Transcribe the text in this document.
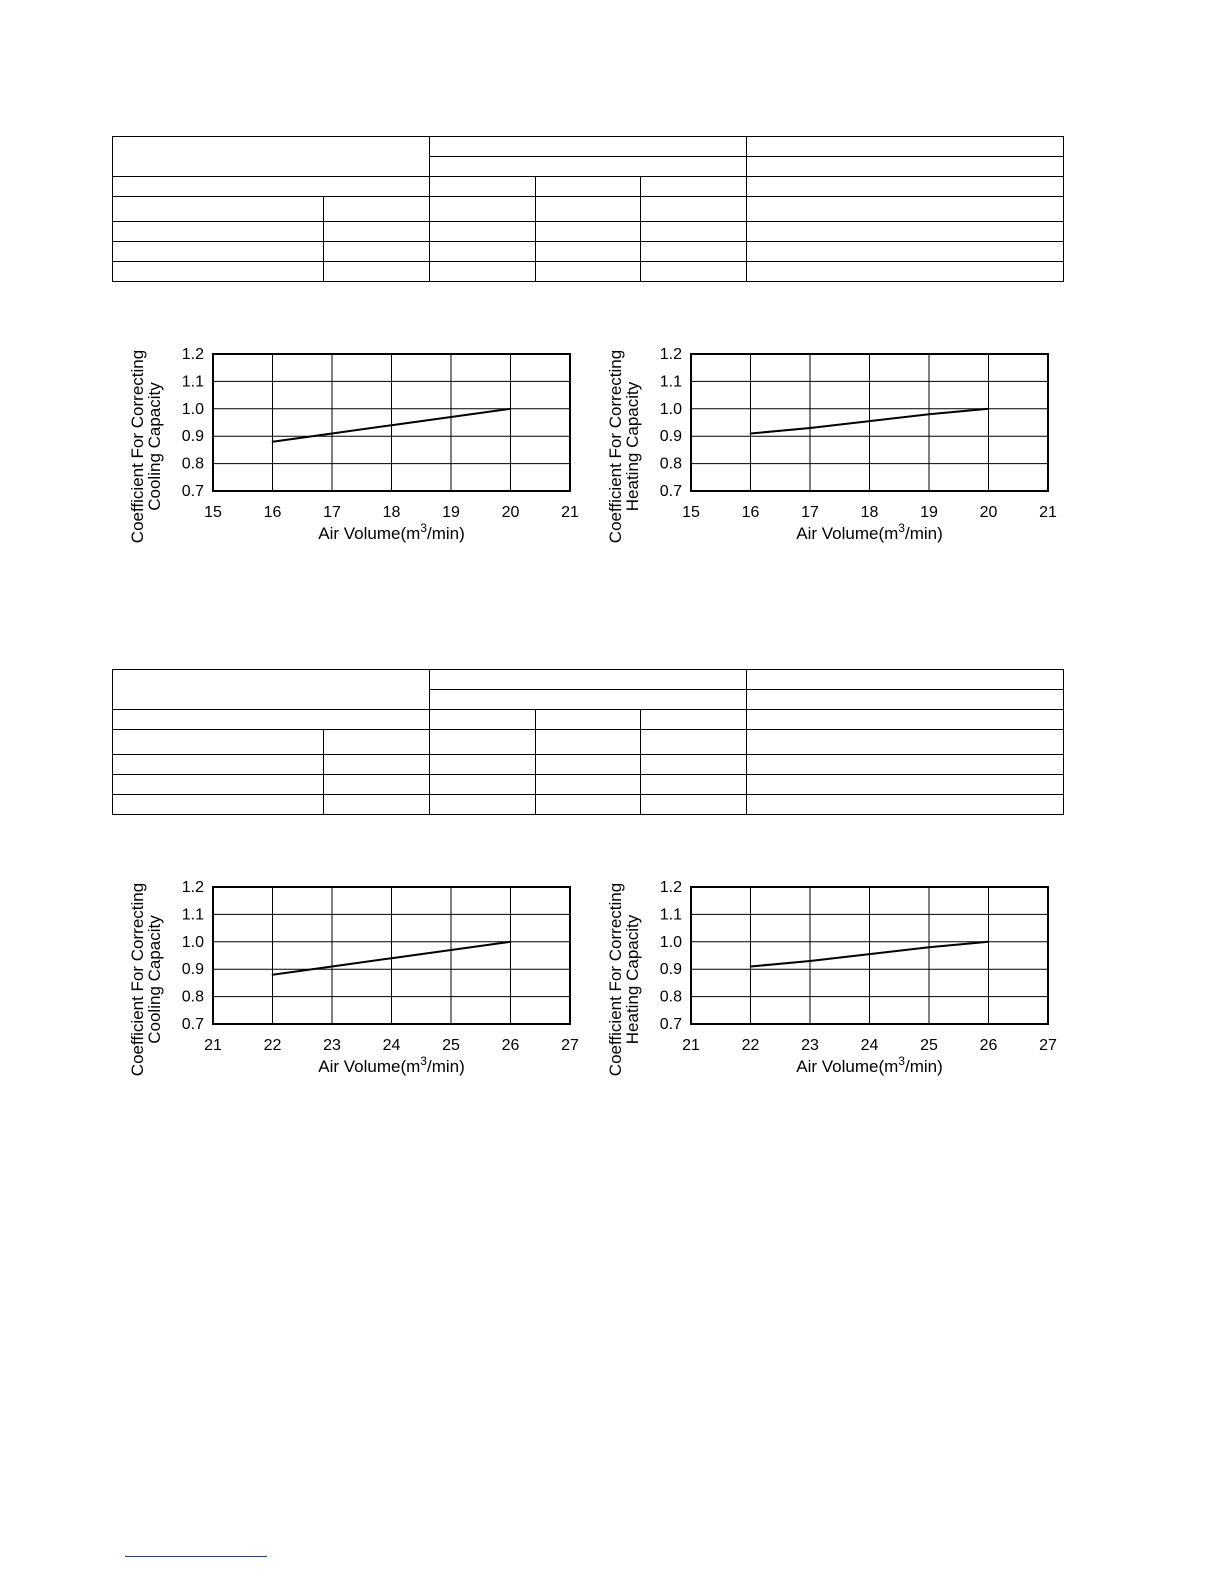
0.7
0.8
0.9
1.0
1.1
1.2
15	16	17	18	19	20	21
Air $Volume(m^3/\min)$
Coefficient For CorrectingCooling Capacity	0.7
0.8
0.9
1.0
1.1
1.2
15	16	17	18	19	20	21
Air $Volume(m^3/\min)$
Coefficient For CorrectingHeating Capacity

0.7
0.8
0.9
1.0
1.1
1.2
21	22	23	24	25	26	27
Air $Volume(m^3/\min)$
Coefficient For CorrectingCooling Capacity	0.7
0.8
0.9
1.0
1.1
1.2
21	22	23	24	25	26	27
Air $Volume(m^3/\min)$
Coefficient For CorrectingHeating Capacity
